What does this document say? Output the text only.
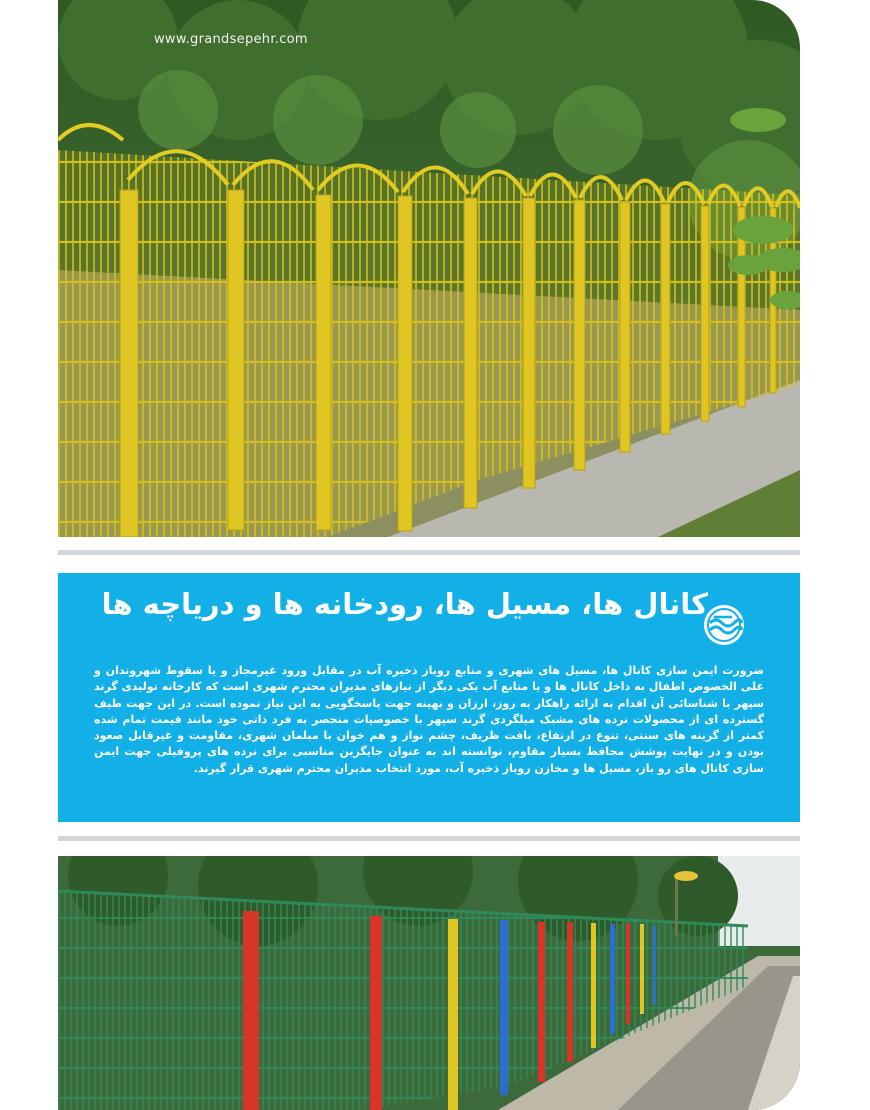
www.grandsepehr.com
کانال ها، مسیل ها، رودخانه ها و دریاچه ها
ضرورت ایمن سازی کانال ها، مسیل های شهری و منابع روباز ذخیره آب در مقابل ورود غیرمجاز و یا سقوط شهروندان و علی الخصوص اطفال به داخل کانال ها و یا منابع آب یکی دیگر از نیازهای مدیران محترم شهری است که کارخانه تولیدی گرند سپهر با شناسائی آن اقدام به ارائه راهکار به روز، ارزان و بهینه جهت پاسخگویی به این نیاز نموده است. در این جهت طیف گسترده ای از محصولات نرده های مشبک میلگردی گرند سپهر با خصوصیات منحصر به فرد ذاتی خود مانند قیمت تمام شده کمتر از گزینه های سنتی، تنوع در ارتفاع، بافت ظریف، چشم نواز و هم خوان با مبلمان شهری، مقاومت و غیرقابل صعود بودن و در نهایت پوشش محافظ بسیار مقاوم، توانسته اند به عنوان جایگزین مناسبی برای نرده های پروفیلی جهت ایمن سازی کانال های رو باز، مسیل ها و مخازن روباز ذخیره آب، مورد انتخاب مدیران محترم شهری قرار گیرند.
